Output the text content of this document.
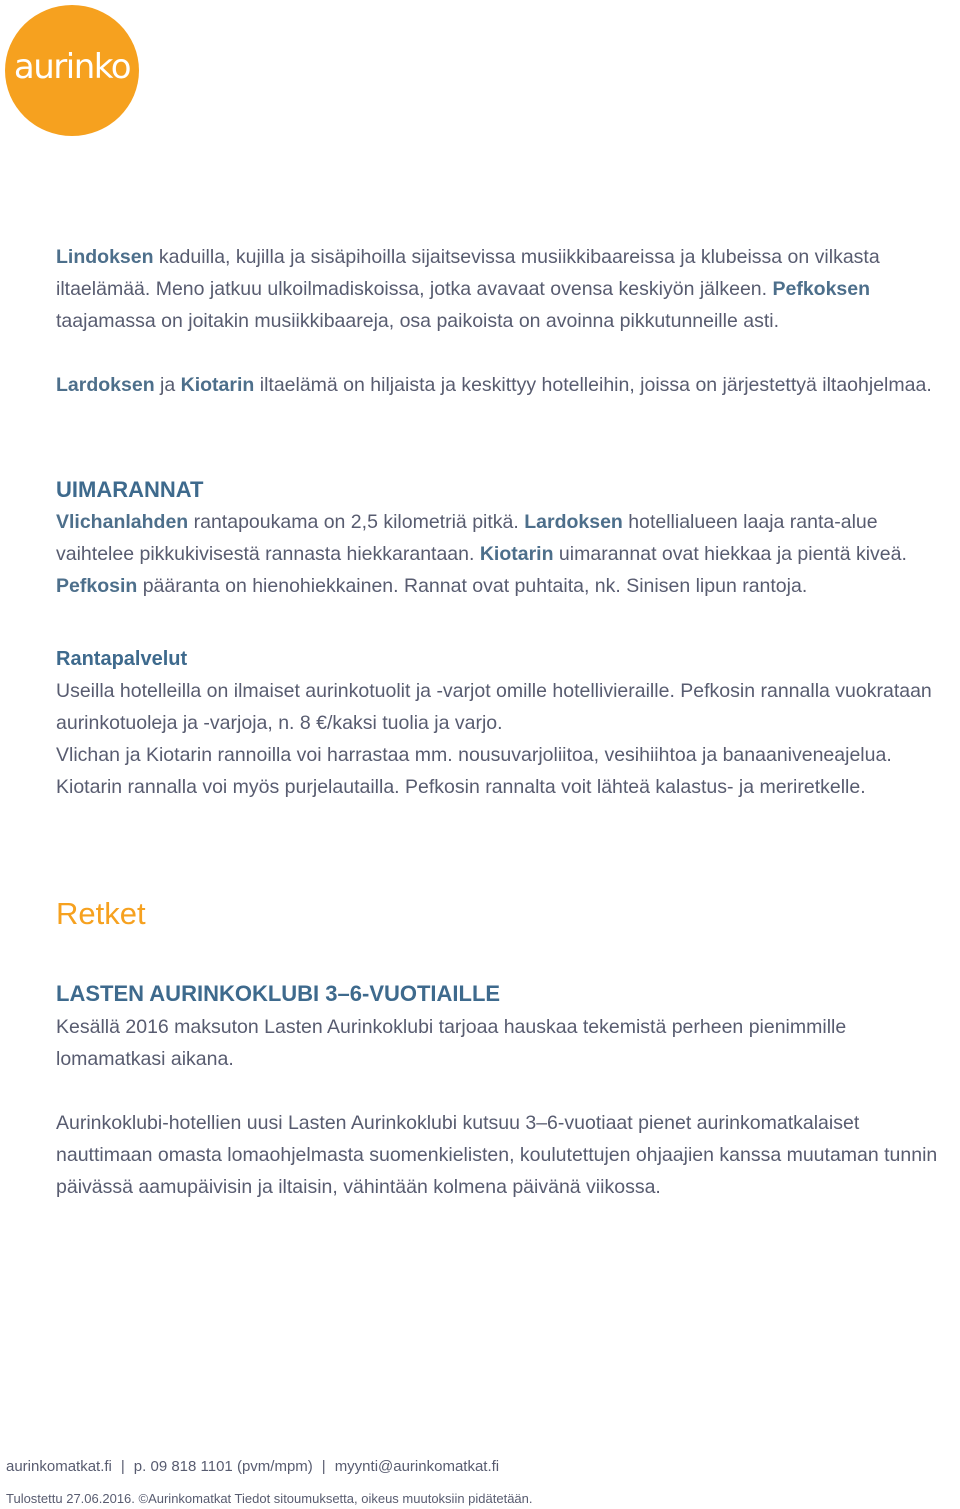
aurinko

Lindoksen kaduilla, kujilla ja sisäpihoilla sijaitsevissa musiikkibaareissa ja klubeissa on vilkasta iltaelämää. Meno jatkuu ulkoilmadiskoissa, jotka avavaat ovensa keskiyön jälkeen. Pefkoksen taajamassa on joitakin musiikkibaareja, osa paikoista on avoinna pikkutunneille asti.

Lardoksen ja Kiotarin iltaelämä on hiljaista ja keskittyy hotelleihin, joissa on järjestettyä iltaohjelmaa.

UIMARANNAT

Vlichanlahden rantapoukama on 2,5 kilometriä pitkä. Lardoksen hotellialueen laaja ranta-alue vaihtelee pikkukivisestä rannasta hiekkarantaan. Kiotarin uimarannat ovat hiekkaa ja pientä kiveä. Pefkosin pääranta on hienohiekkainen. Rannat ovat puhtaita, nk. Sinisen lipun rantoja.

Rantapalvelut

Useilla hotelleilla on ilmaiset aurinkotuolit ja -varjot omille hotellivieraille. Pefkosin rannalla vuokrataan aurinkotuoleja ja -varjoja, n. 8 €/kaksi tuolia ja varjo.

Vlichan ja Kiotarin rannoilla voi harrastaa mm. nousuvarjoliitoa, vesihiihtoa ja banaaniveneajelua. Kiotarin rannalla voi myös purjelautailla. Pefkosin rannalta voit lähteä kalastus- ja meriretkelle.

Retket
LASTEN AURINKOKLUBI 3–6-VUOTIAILLE

Kesällä 2016 maksuton Lasten Aurinkoklubi tarjoaa hauskaa tekemistä perheen pienimmille lomamatkasi aikana.

Aurinkoklubi-hotellien uusi Lasten Aurinkoklubi kutsuu 3–6-vuotiaat pienet aurinkomatkalaiset nauttimaan omasta lomaohjelmasta suomenkielisten, koulutettujen ohjaajien kanssa muutaman tunnin päivässä aamupäivisin ja iltaisin, vähintään kolmena päivänä viikossa.

aurinkomatkat.fi | p. 09 818 1101 (pvm/mpm) | myynti@aurinkomatkat.fi
Tulostettu 27.06.2016. ©Aurinkomatkat Tiedot sitoumuksetta, oikeus muutoksiin pidätetään.
